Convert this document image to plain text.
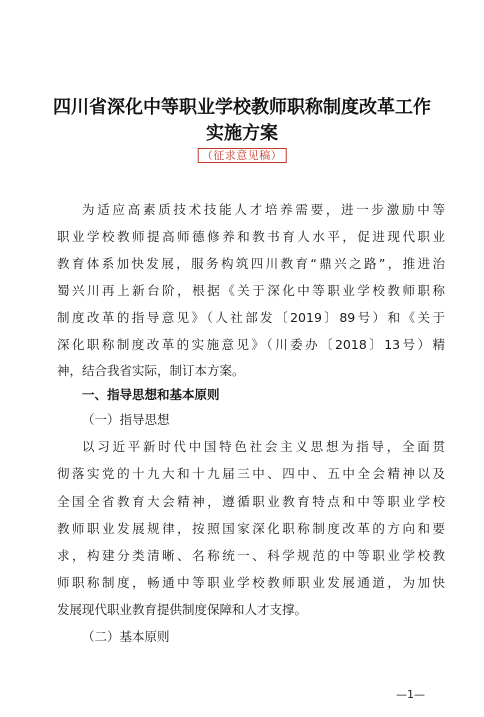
四川省深化中等职业学校教师职称制度改革工作
实施方案
（征求意见稿）
为适应高素质技术技能人才培养需要，进一步激励中等
职业学校教师提高师德修养和教书育人水平，促进现代职业
教育体系加快发展，服务构筑四川教育“鼎兴之路”，推进治
蜀兴川再上新台阶，根据《关于深化中等职业学校教师职称
制度改革的指导意见》（人社部发〔2019〕89号）和《关于
深化职称制度改革的实施意见》（川委办〔2018〕13号）精
神，结合我省实际，制订本方案。
一、指导思想和基本原则
（一）指导思想
以习近平新时代中国特色社会主义思想为指导，全面贯
彻落实党的十九大和十九届三中、四中、五中全会精神以及
全国全省教育大会精神，遵循职业教育特点和中等职业学校
教师职业发展规律，按照国家深化职称制度改革的方向和要
求，构建分类清晰、名称统一、科学规范的中等职业学校教
师职称制度，畅通中等职业学校教师职业发展通道，为加快
发展现代职业教育提供制度保障和人才支撑。
（二）基本原则
—1—
